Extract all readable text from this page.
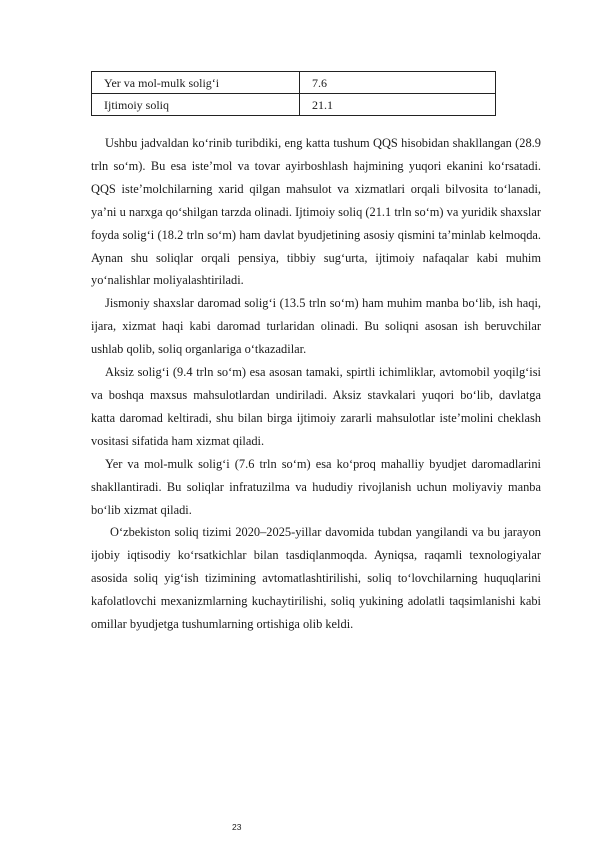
Yer va mol-mulk solig‘i	7.6
Ijtimoiy soliq	21.1

Ushbu jadvaldan ko‘rinib turibdiki, eng katta tushum QQS hisobidan shakllangan (28.9 trln so‘m). Bu esa iste’mol va tovar ayirboshlash hajmining yuqori ekanini ko‘rsatadi. QQS iste’molchilarning xarid qilgan mahsulot va xizmatlari orqali bilvosita to‘lanadi, ya’ni u narxga qo‘shilgan tarzda olinadi. Ijtimoiy soliq (21.1 trln so‘m) va yuridik shaxslar foyda solig‘i (18.2 trln so‘m) ham davlat byudjetining asosiy qismini ta’minlab kelmoqda. Aynan shu soliqlar orqali pensiya, tibbiy sug‘urta, ijtimoiy nafaqalar kabi muhim yo‘nalishlar moliyalashtiriladi.

Jismoniy shaxslar daromad solig‘i (13.5 trln so‘m) ham muhim manba bo‘lib, ish haqi, ijara, xizmat haqi kabi daromad turlaridan olinadi. Bu soliqni asosan ish beruvchilar ushlab qolib, soliq organlariga o‘tkazadilar.

Aksiz solig‘i (9.4 trln so‘m) esa asosan tamaki, spirtli ichimliklar, avtomobil yoqilg‘isi va boshqa maxsus mahsulotlardan undiriladi. Aksiz stavkalari yuqori bo‘lib, davlatga katta daromad keltiradi, shu bilan birga ijtimoiy zararli mahsulotlar iste’molini cheklash vositasi sifatida ham xizmat qiladi.

Yer va mol-mulk solig‘i (7.6 trln so‘m) esa ko‘proq mahalliy byudjet daromadlarini shakllantiradi. Bu soliqlar infratuzilma va hududiy rivojlanish uchun moliyaviy manba bo‘lib xizmat qiladi.

O‘zbekiston soliq tizimi 2020–2025-yillar davomida tubdan yangilandi va bu jarayon ijobiy iqtisodiy ko‘rsatkichlar bilan tasdiqlanmoqda. Ayniqsa, raqamli texnologiyalar asosida soliq yig‘ish tizimining avtomatlashtirilishi, soliq to‘lovchilarning huquqlarini kafolatlovchi mexanizmlarning kuchaytirilishi, soliq yukining adolatli taqsimlanishi kabi omillar byudjetga tushumlarning ortishiga olib keldi.

23
